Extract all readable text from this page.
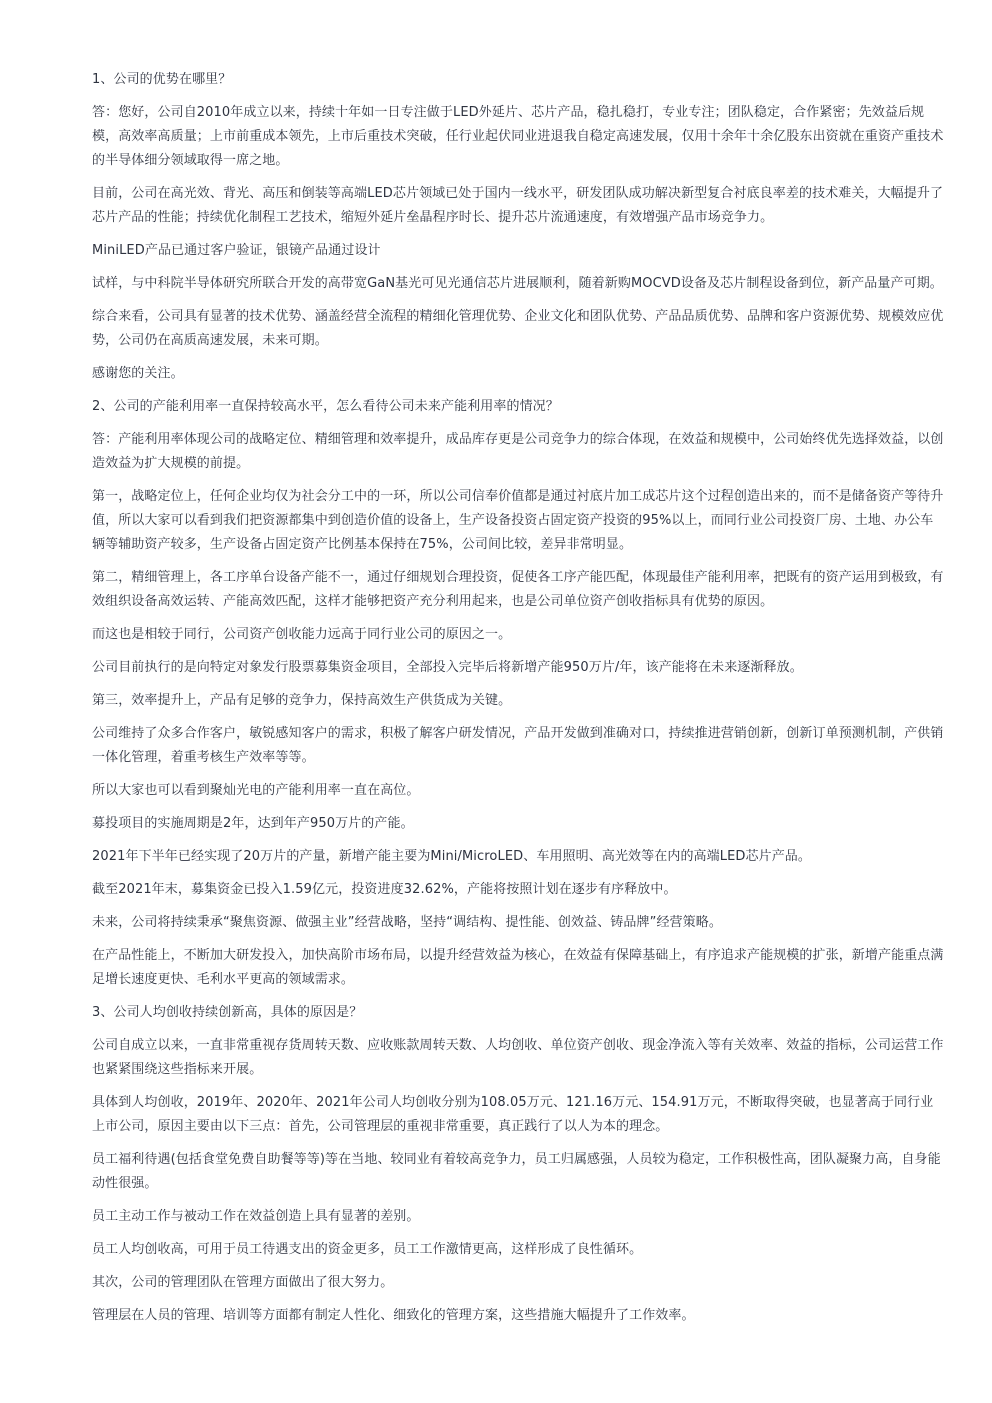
1、公司的优势在哪里？

答：您好，公司自2010年成立以来，持续十年如一日专注做于LED外延片、芯片产品，稳扎稳打，专业专注；团队稳定，合作紧密；先效益后规模，高效率高质量；上市前重成本领先，上市后重技术突破，任行业起伏同业进退我自稳定高速发展，仅用十余年十余亿股东出资就在重资产重技术的半导体细分领域取得一席之地。

目前，公司在高光效、背光、高压和倒装等高端LED芯片领域已处于国内一线水平，研发团队成功解决新型复合衬底良率差的技术难关，大幅提升了芯片产品的性能；持续优化制程工艺技术，缩短外延片垒晶程序时长、提升芯片流通速度，有效增强产品市场竞争力。

MiniLED产品已通过客户验证，银镜产品通过设计

试样，与中科院半导体研究所联合开发的高带宽GaN基光可见光通信芯片进展顺利，随着新购MOCVD设备及芯片制程设备到位，新产品量产可期。

综合来看，公司具有显著的技术优势、涵盖经营全流程的精细化管理优势、企业文化和团队优势、产品品质优势、品牌和客户资源优势、规模效应优势，公司仍在高质高速发展，未来可期。

感谢您的关注。

2、公司的产能利用率一直保持较高水平，怎么看待公司未来产能利用率的情况？

答：产能利用率体现公司的战略定位、精细管理和效率提升，成品库存更是公司竞争力的综合体现，在效益和规模中，公司始终优先选择效益，以创造效益为扩大规模的前提。

第一，战略定位上，任何企业均仅为社会分工中的一环，所以公司信奉价值都是通过衬底片加工成芯片这个过程创造出来的，而不是储备资产等待升值，所以大家可以看到我们把资源都集中到创造价值的设备上，生产设备投资占固定资产投资的95%以上，而同行业公司投资厂房、土地、办公车辆等辅助资产较多，生产设备占固定资产比例基本保持在75%，公司间比较，差异非常明显。

第二，精细管理上，各工序单台设备产能不一，通过仔细规划合理投资，促使各工序产能匹配，体现最佳产能利用率，把既有的资产运用到极致，有效组织设备高效运转、产能高效匹配，这样才能够把资产充分利用起来，也是公司单位资产创收指标具有优势的原因。

而这也是相较于同行，公司资产创收能力远高于同行业公司的原因之一。

公司目前执行的是向特定对象发行股票募集资金项目，全部投入完毕后将新增产能950万片/年，该产能将在未来逐渐释放。

第三，效率提升上，产品有足够的竞争力，保持高效生产供货成为关键。

公司维持了众多合作客户，敏锐感知客户的需求，积极了解客户研发情况，产品开发做到准确对口，持续推进营销创新，创新订单预测机制，产供销一体化管理，着重考核生产效率等等。

所以大家也可以看到聚灿光电的产能利用率一直在高位。

募投项目的实施周期是2年，达到年产950万片的产能。

2021年下半年已经实现了20万片的产量，新增产能主要为Mini/MicroLED、车用照明、高光效等在内的高端LED芯片产品。

截至2021年末，募集资金已投入1.59亿元，投资进度32.62%，产能将按照计划在逐步有序释放中。

未来，公司将持续秉承“聚焦资源、做强主业”经营战略，坚持“调结构、提性能、创效益、铸品牌”经营策略。

在产品性能上，不断加大研发投入，加快高阶市场布局，以提升经营效益为核心，在效益有保障基础上，有序追求产能规模的扩张，新增产能重点满足增长速度更快、毛利水平更高的领域需求。

3、公司人均创收持续创新高，具体的原因是？

公司自成立以来，一直非常重视存货周转天数、应收账款周转天数、人均创收、单位资产创收、现金净流入等有关效率、效益的指标，公司运营工作也紧紧围绕这些指标来开展。

具体到人均创收，2019年、2020年、2021年公司人均创收分别为108.05万元、121.16万元、154.91万元，不断取得突破，也显著高于同行业上市公司，原因主要由以下三点：首先，公司管理层的重视非常重要，真正践行了以人为本的理念。

员工福利待遇(包括食堂免费自助餐等等)等在当地、较同业有着较高竞争力，员工归属感强，人员较为稳定，工作积极性高，团队凝聚力高，自身能动性很强。

员工主动工作与被动工作在效益创造上具有显著的差别。

员工人均创收高，可用于员工待遇支出的资金更多，员工工作激情更高，这样形成了良性循环。

其次，公司的管理团队在管理方面做出了很大努力。

管理层在人员的管理、培训等方面都有制定人性化、细致化的管理方案，这些措施大幅提升了工作效率。
